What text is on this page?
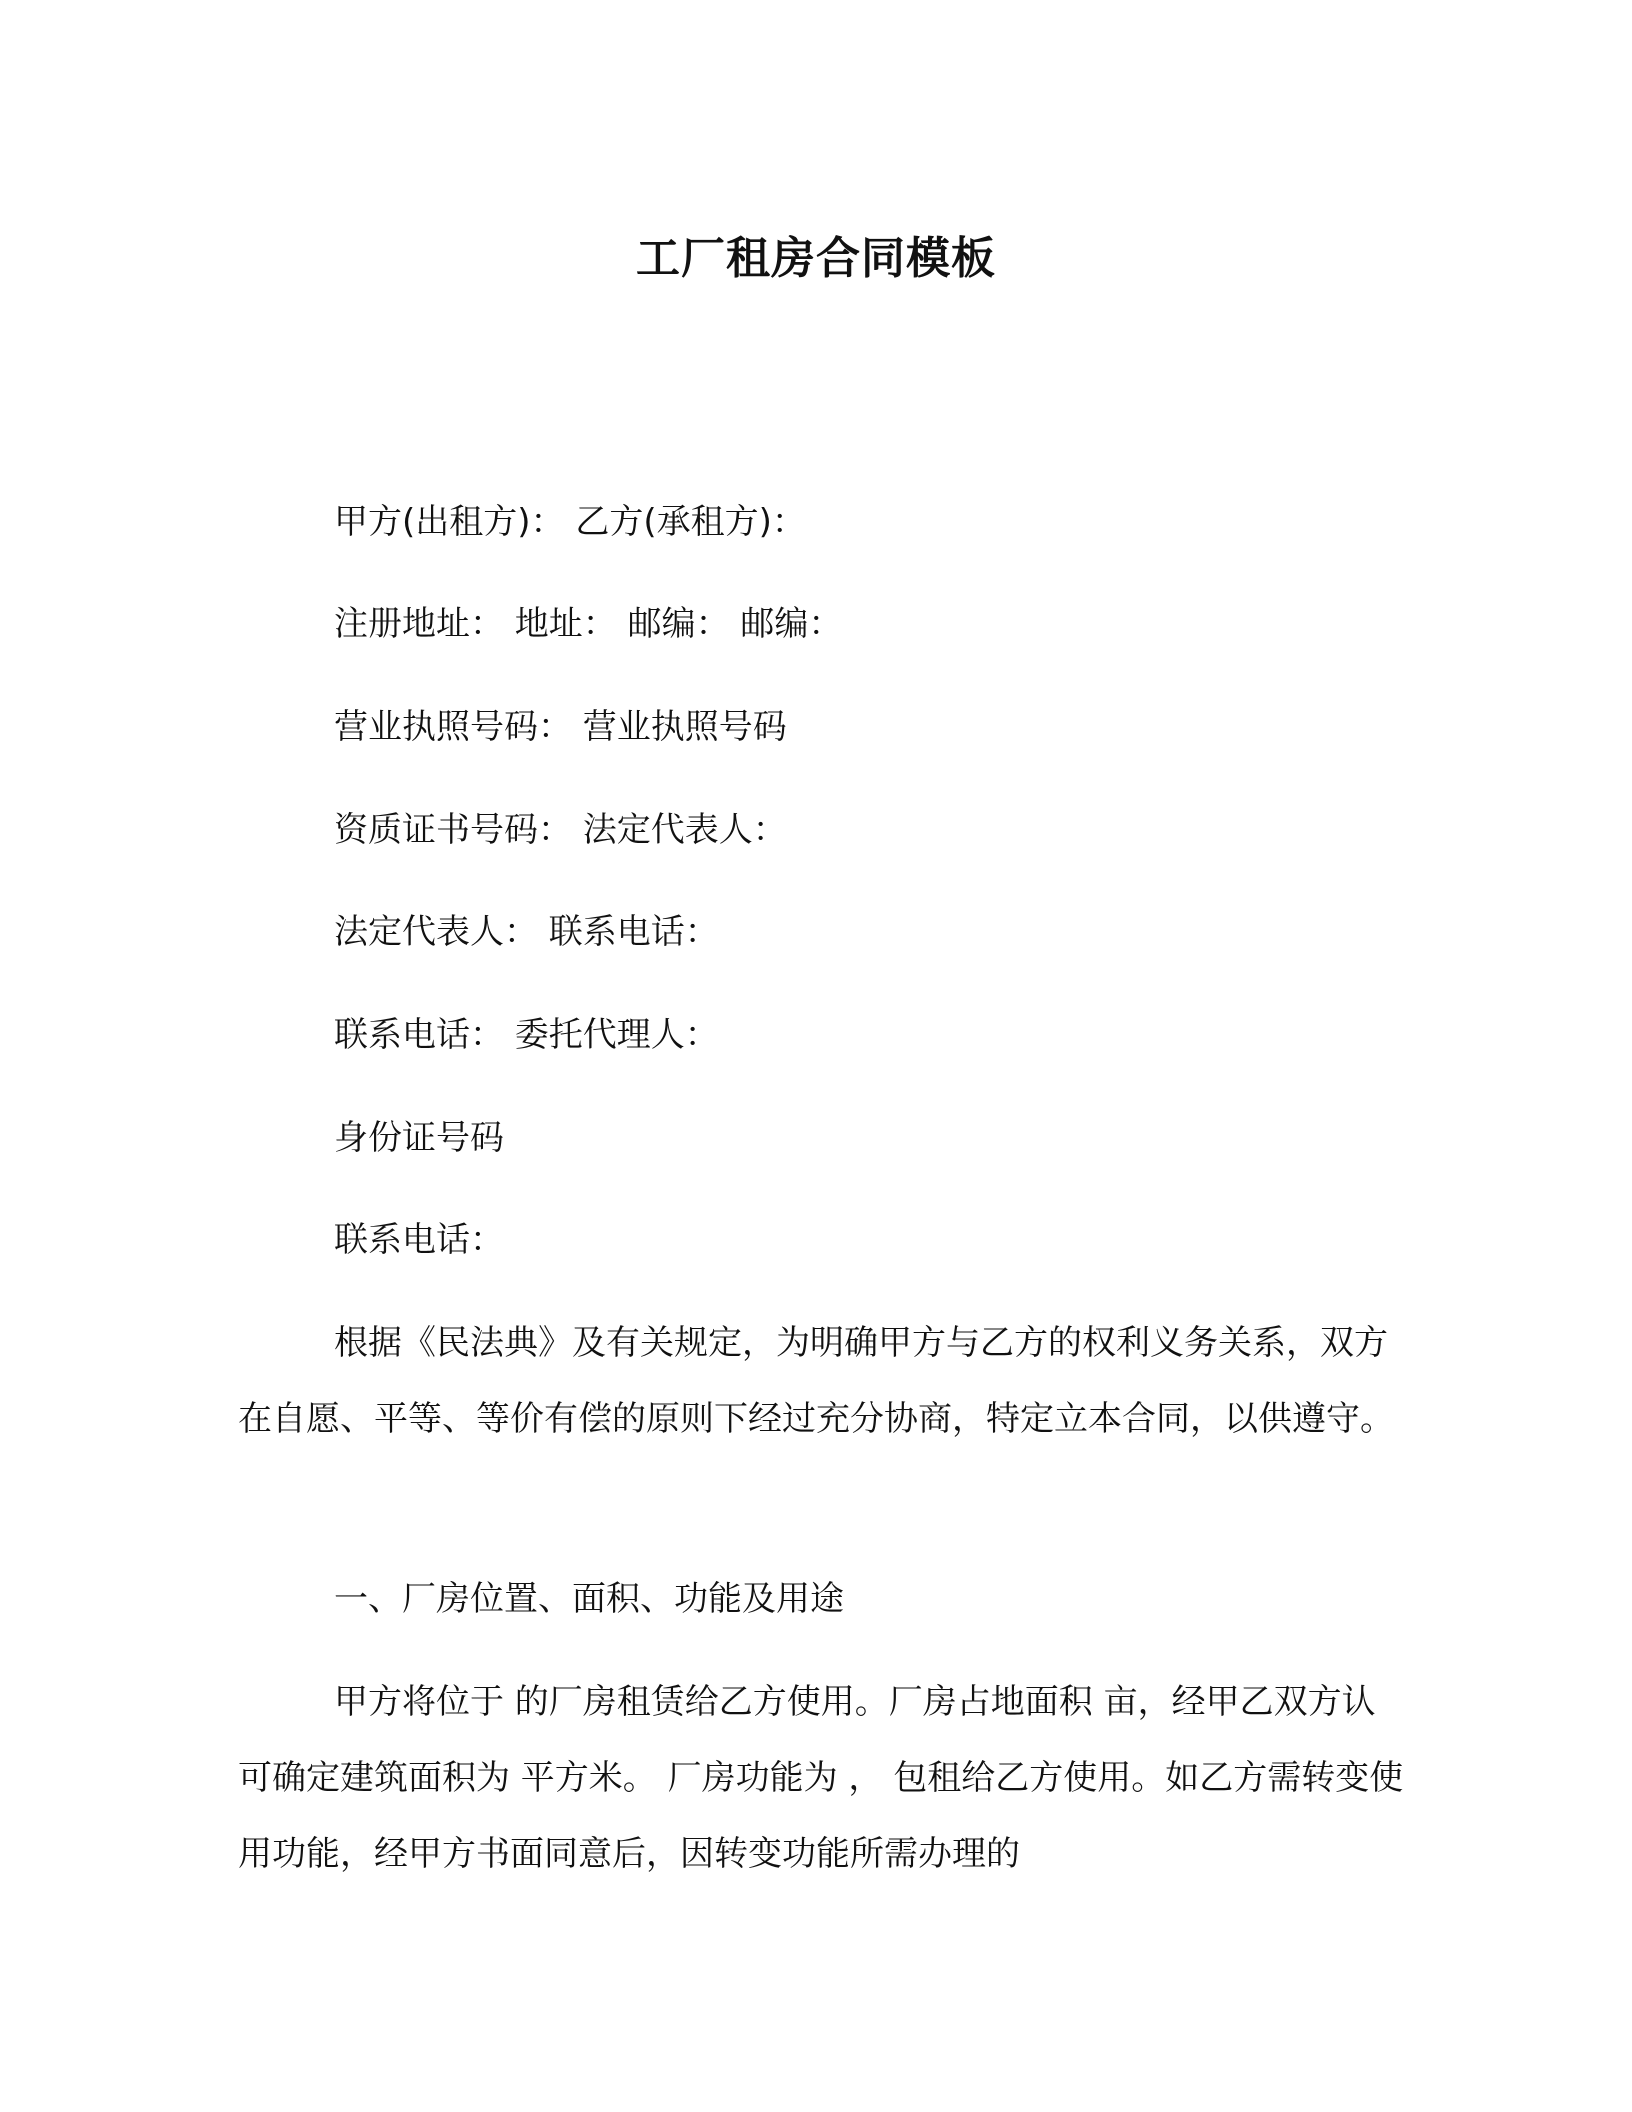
工厂租房合同模板
甲方(出租方)： 乙方(承租方)：
注册地址： 地址： 邮编： 邮编：
营业执照号码： 营业执照号码
资质证书号码： 法定代表人：
法定代表人： 联系电话：
联系电话： 委托代理人：
身份证号码
联系电话：

根据《民法典》及有关规定，为明确甲方与乙方的权利义务关系，双方在自愿、平等、等价有偿的原则下经过充分协商，特定立本合同，以供遵守。

一、厂房位置、面积、功能及用途

甲方将位于 的厂房租赁给乙方使用。厂房占地面积 亩，经甲乙双方认可确定建筑面积为 平方米。 厂房功能为 ， 包租给乙方使用。如乙方需转变使用功能，经甲方书面同意后，因转变功能所需办理的
